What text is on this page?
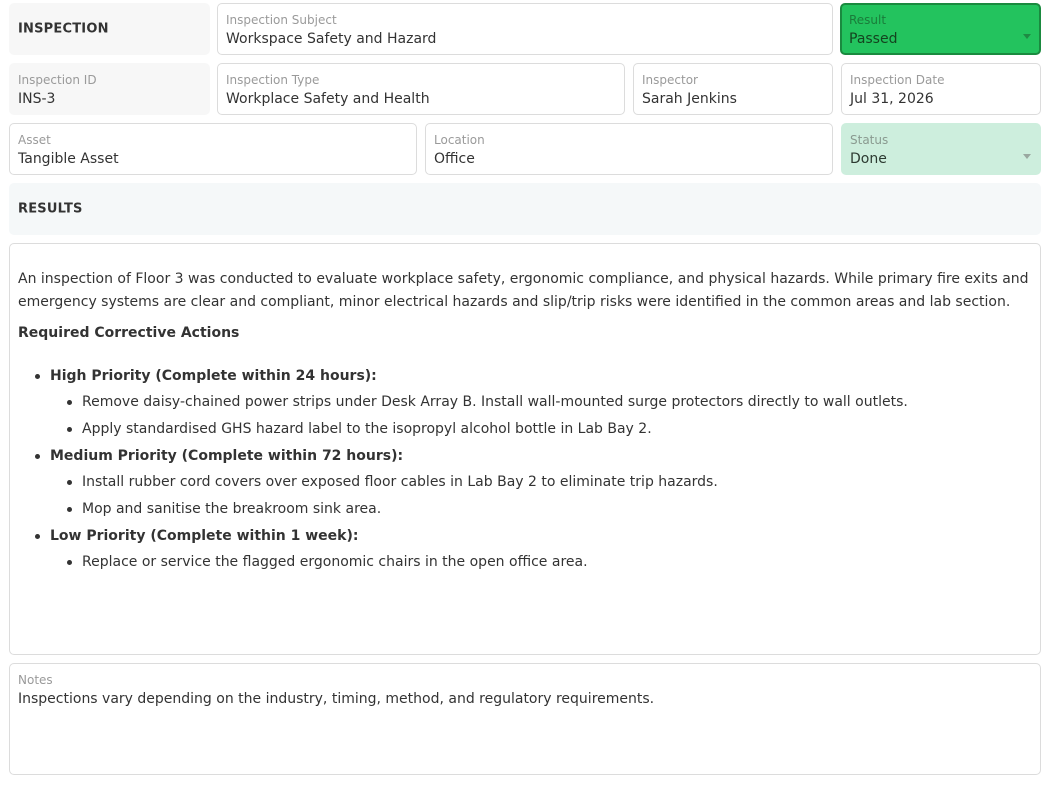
INSPECTION
Inspection Subject
Workspace Safety and Hazard
Result
Passed
Inspection ID
INS-3
Inspection Type
Workplace Safety and Health
Inspector
Sarah Jenkins
Inspection Date
Jul 31, 2026
Asset
Tangible Asset
Location
Office
Status
Done
RESULTS

An inspection of Floor 3 was conducted to evaluate workplace safety, ergonomic compliance, and physical hazards. While primary fire exits and emergency systems are clear and compliant, minor electrical hazards and slip/trip risks were identified in the common areas and lab section.

Required Corrective Actions

High Priority (Complete within 24 hours):
Remove daisy-chained power strips under Desk Array B. Install wall-mounted surge protectors directly to wall outlets.
Apply standardised GHS hazard label to the isopropyl alcohol bottle in Lab Bay 2.
Medium Priority (Complete within 72 hours):
Install rubber cord covers over exposed floor cables in Lab Bay 2 to eliminate trip hazards.
Mop and sanitise the breakroom sink area.
Low Priority (Complete within 1 week):
Replace or service the flagged ergonomic chairs in the open office area.
Notes
Inspections vary depending on the industry, timing, method, and regulatory requirements.
